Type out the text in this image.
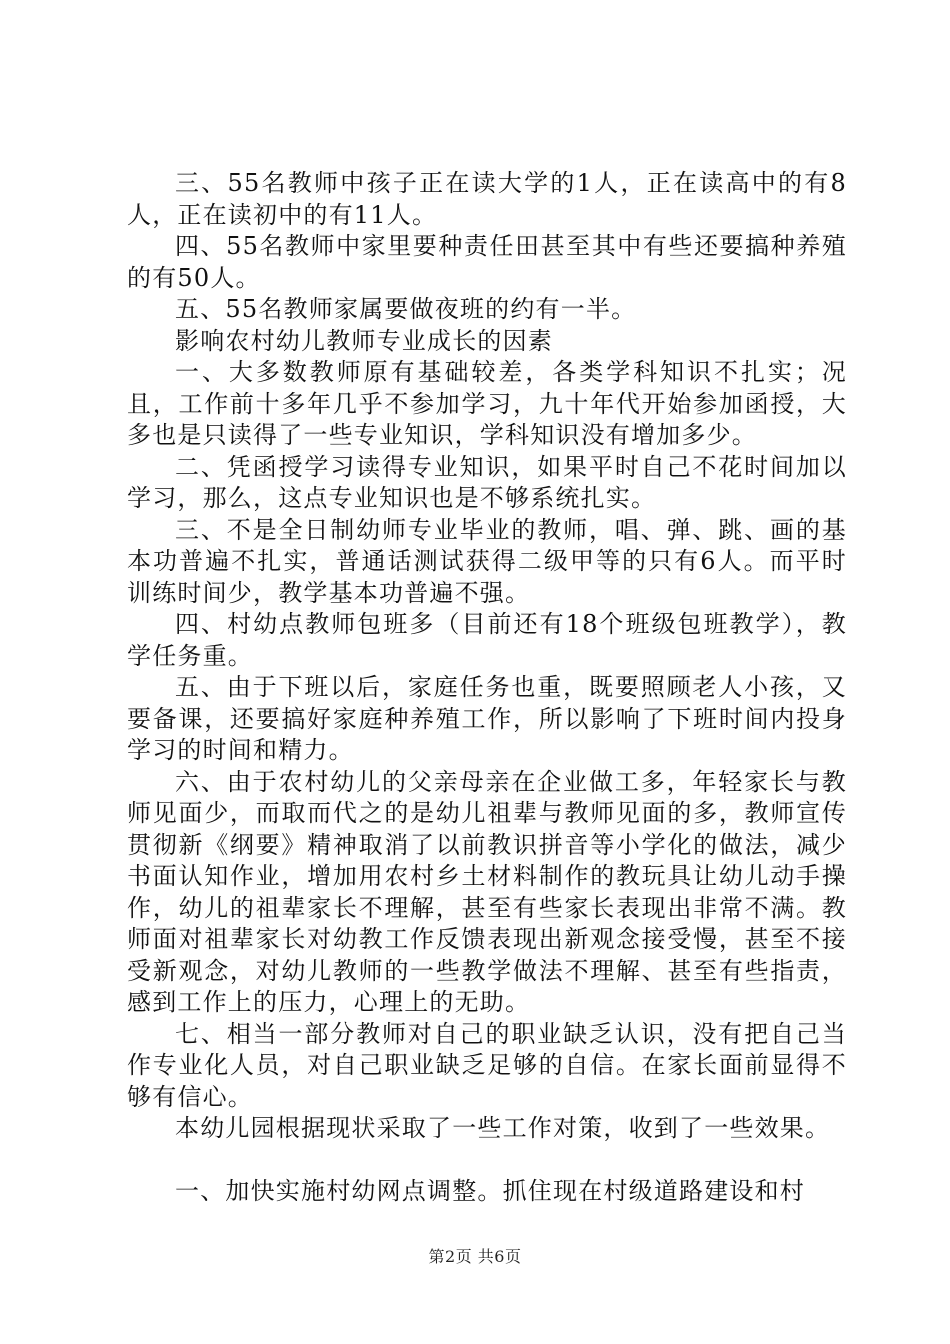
三、55名教师中孩子正在读大学的1人，正在读高中的有8人，正在读初中的有11人。

四、55名教师中家里要种责任田甚至其中有些还要搞种养殖的有50人。

五、55名教师家属要做夜班的约有一半。

影响农村幼儿教师专业成长的因素

一、大多数教师原有基础较差，各类学科知识不扎实；况且，工作前十多年几乎不参加学习，九十年代开始参加函授，大多也是只读得了一些专业知识，学科知识没有增加多少。

二、凭函授学习读得专业知识，如果平时自己不花时间加以学习，那么，这点专业知识也是不够系统扎实。

三、不是全日制幼师专业毕业的教师，唱、弹、跳、画的基本功普遍不扎实，普通话测试获得二级甲等的只有6人。而平时训练时间少，教学基本功普遍不强。

四、村幼点教师包班多（目前还有18个班级包班教学），教学任务重。

五、由于下班以后，家庭任务也重，既要照顾老人小孩，又要备课，还要搞好家庭种养殖工作，所以影响了下班时间内投身学习的时间和精力。

六、由于农村幼儿的父亲母亲在企业做工多，年轻家长与教师见面少，而取而代之的是幼儿祖辈与教师见面的多，教师宣传贯彻新《纲要》精神取消了以前教识拼音等小学化的做法，减少书面认知作业，增加用农村乡土材料制作的教玩具让幼儿动手操作，幼儿的祖辈家长不理解，甚至有些家长表现出非常不满。教师面对祖辈家长对幼教工作反馈表现出新观念接受慢，甚至不接受新观念，对幼儿教师的一些教学做法不理解、甚至有些指责，感到工作上的压力，心理上的无助。

七、相当一部分教师对自己的职业缺乏认识，没有把自己当作专业化人员，对自己职业缺乏足够的自信。在家长面前显得不够有信心。

本幼儿园根据现状采取了一些工作对策，收到了一些效果。

一、加快实施村幼网点调整。抓住现在村级道路建设和村

第2页 共6页
